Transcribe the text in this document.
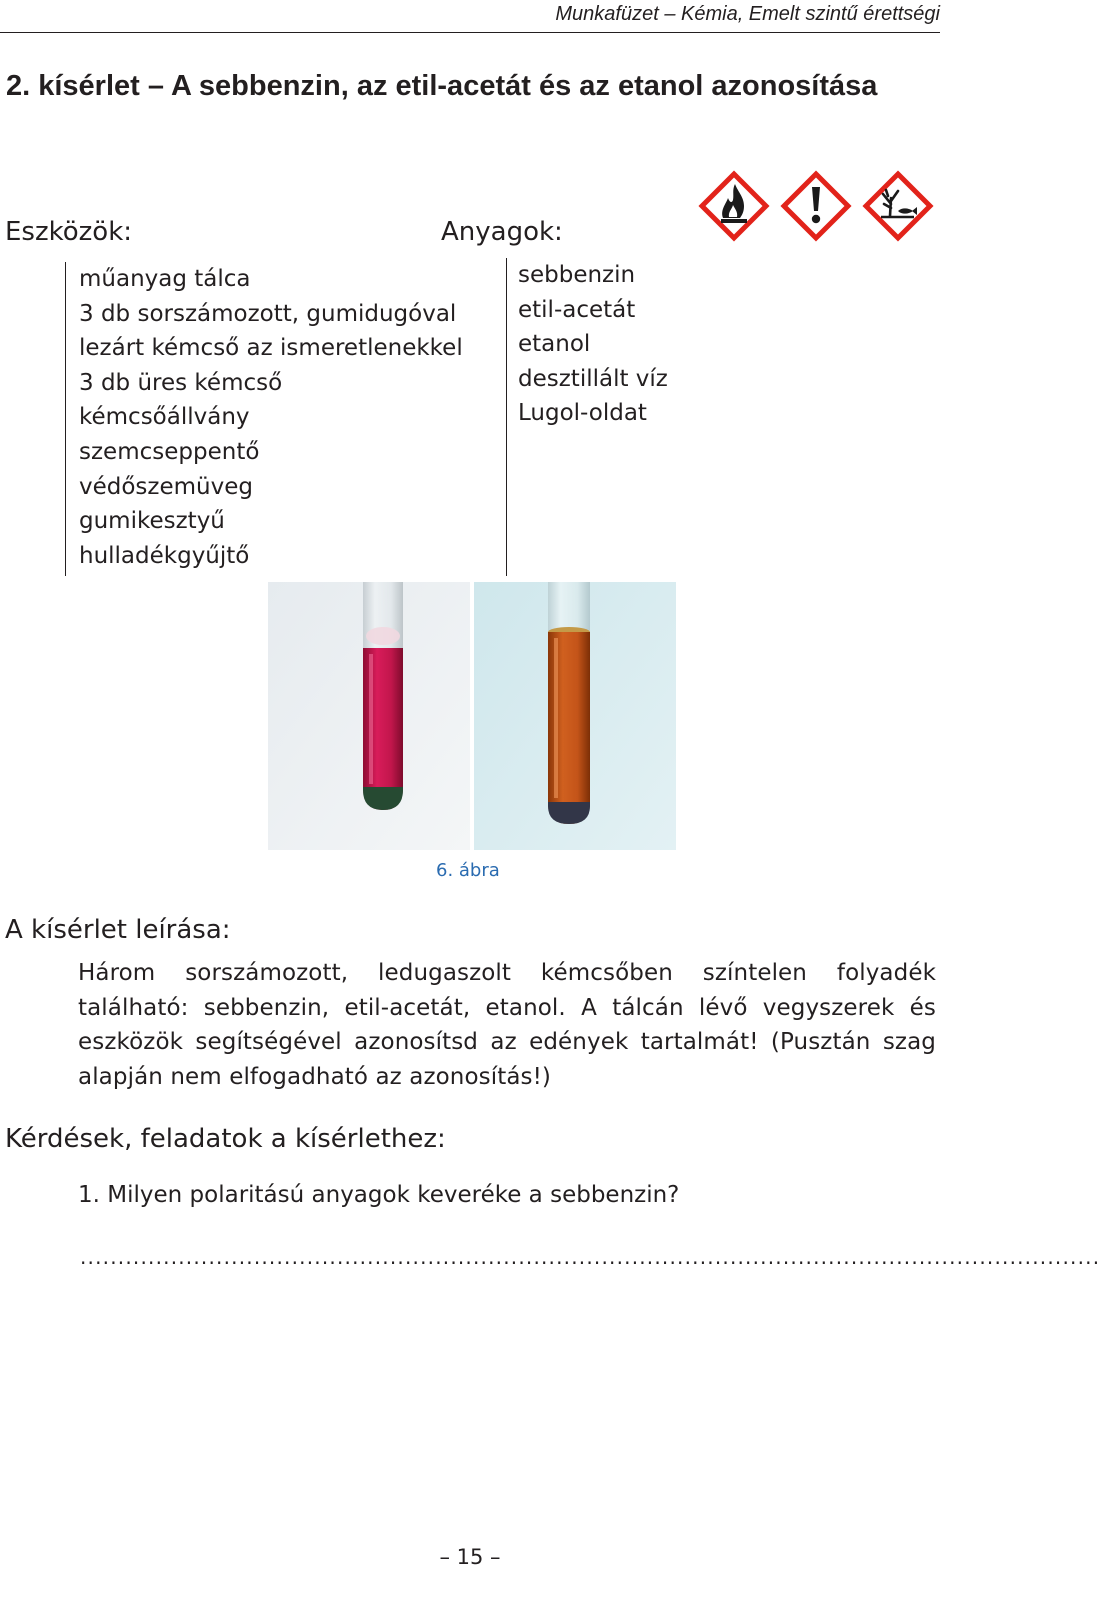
Munkafüzet – Kémia, Emelt szintű érettségi
2. kísérlet – A sebbenzin, az etil-acetát és az etanol azonosítása
Eszközök:	Anyagok:
műanyag tálca
3 db sorszámozott, gumidugóval
lezárt kémcső az ismeretlenekkel
3 db üres kémcső
kémcsőállvány
szemcseppentő
védőszemüveg
gumikesztyű
hulladékgyűjtő
sebbenzin
etil-acetát
etanol
desztillált víz
Lugol-oldat
6. ábra
A kísérlet leírása:

Három sorszámozott, ledugaszolt kémcsőben színtelen folyadék található: sebbenzin, etil-acetát, etanol. A tálcán lévő vegyszerek és eszközök segítségével azonosítsd az edények tartalmát! (Pusztán szag alapján nem elfogadható az azonosítás!)

Kérdések, feladatok a kísérlethez:
1. Milyen polaritású anyagok keveréke a sebbenzin?
.......................................................................................................................................
– 15 –
